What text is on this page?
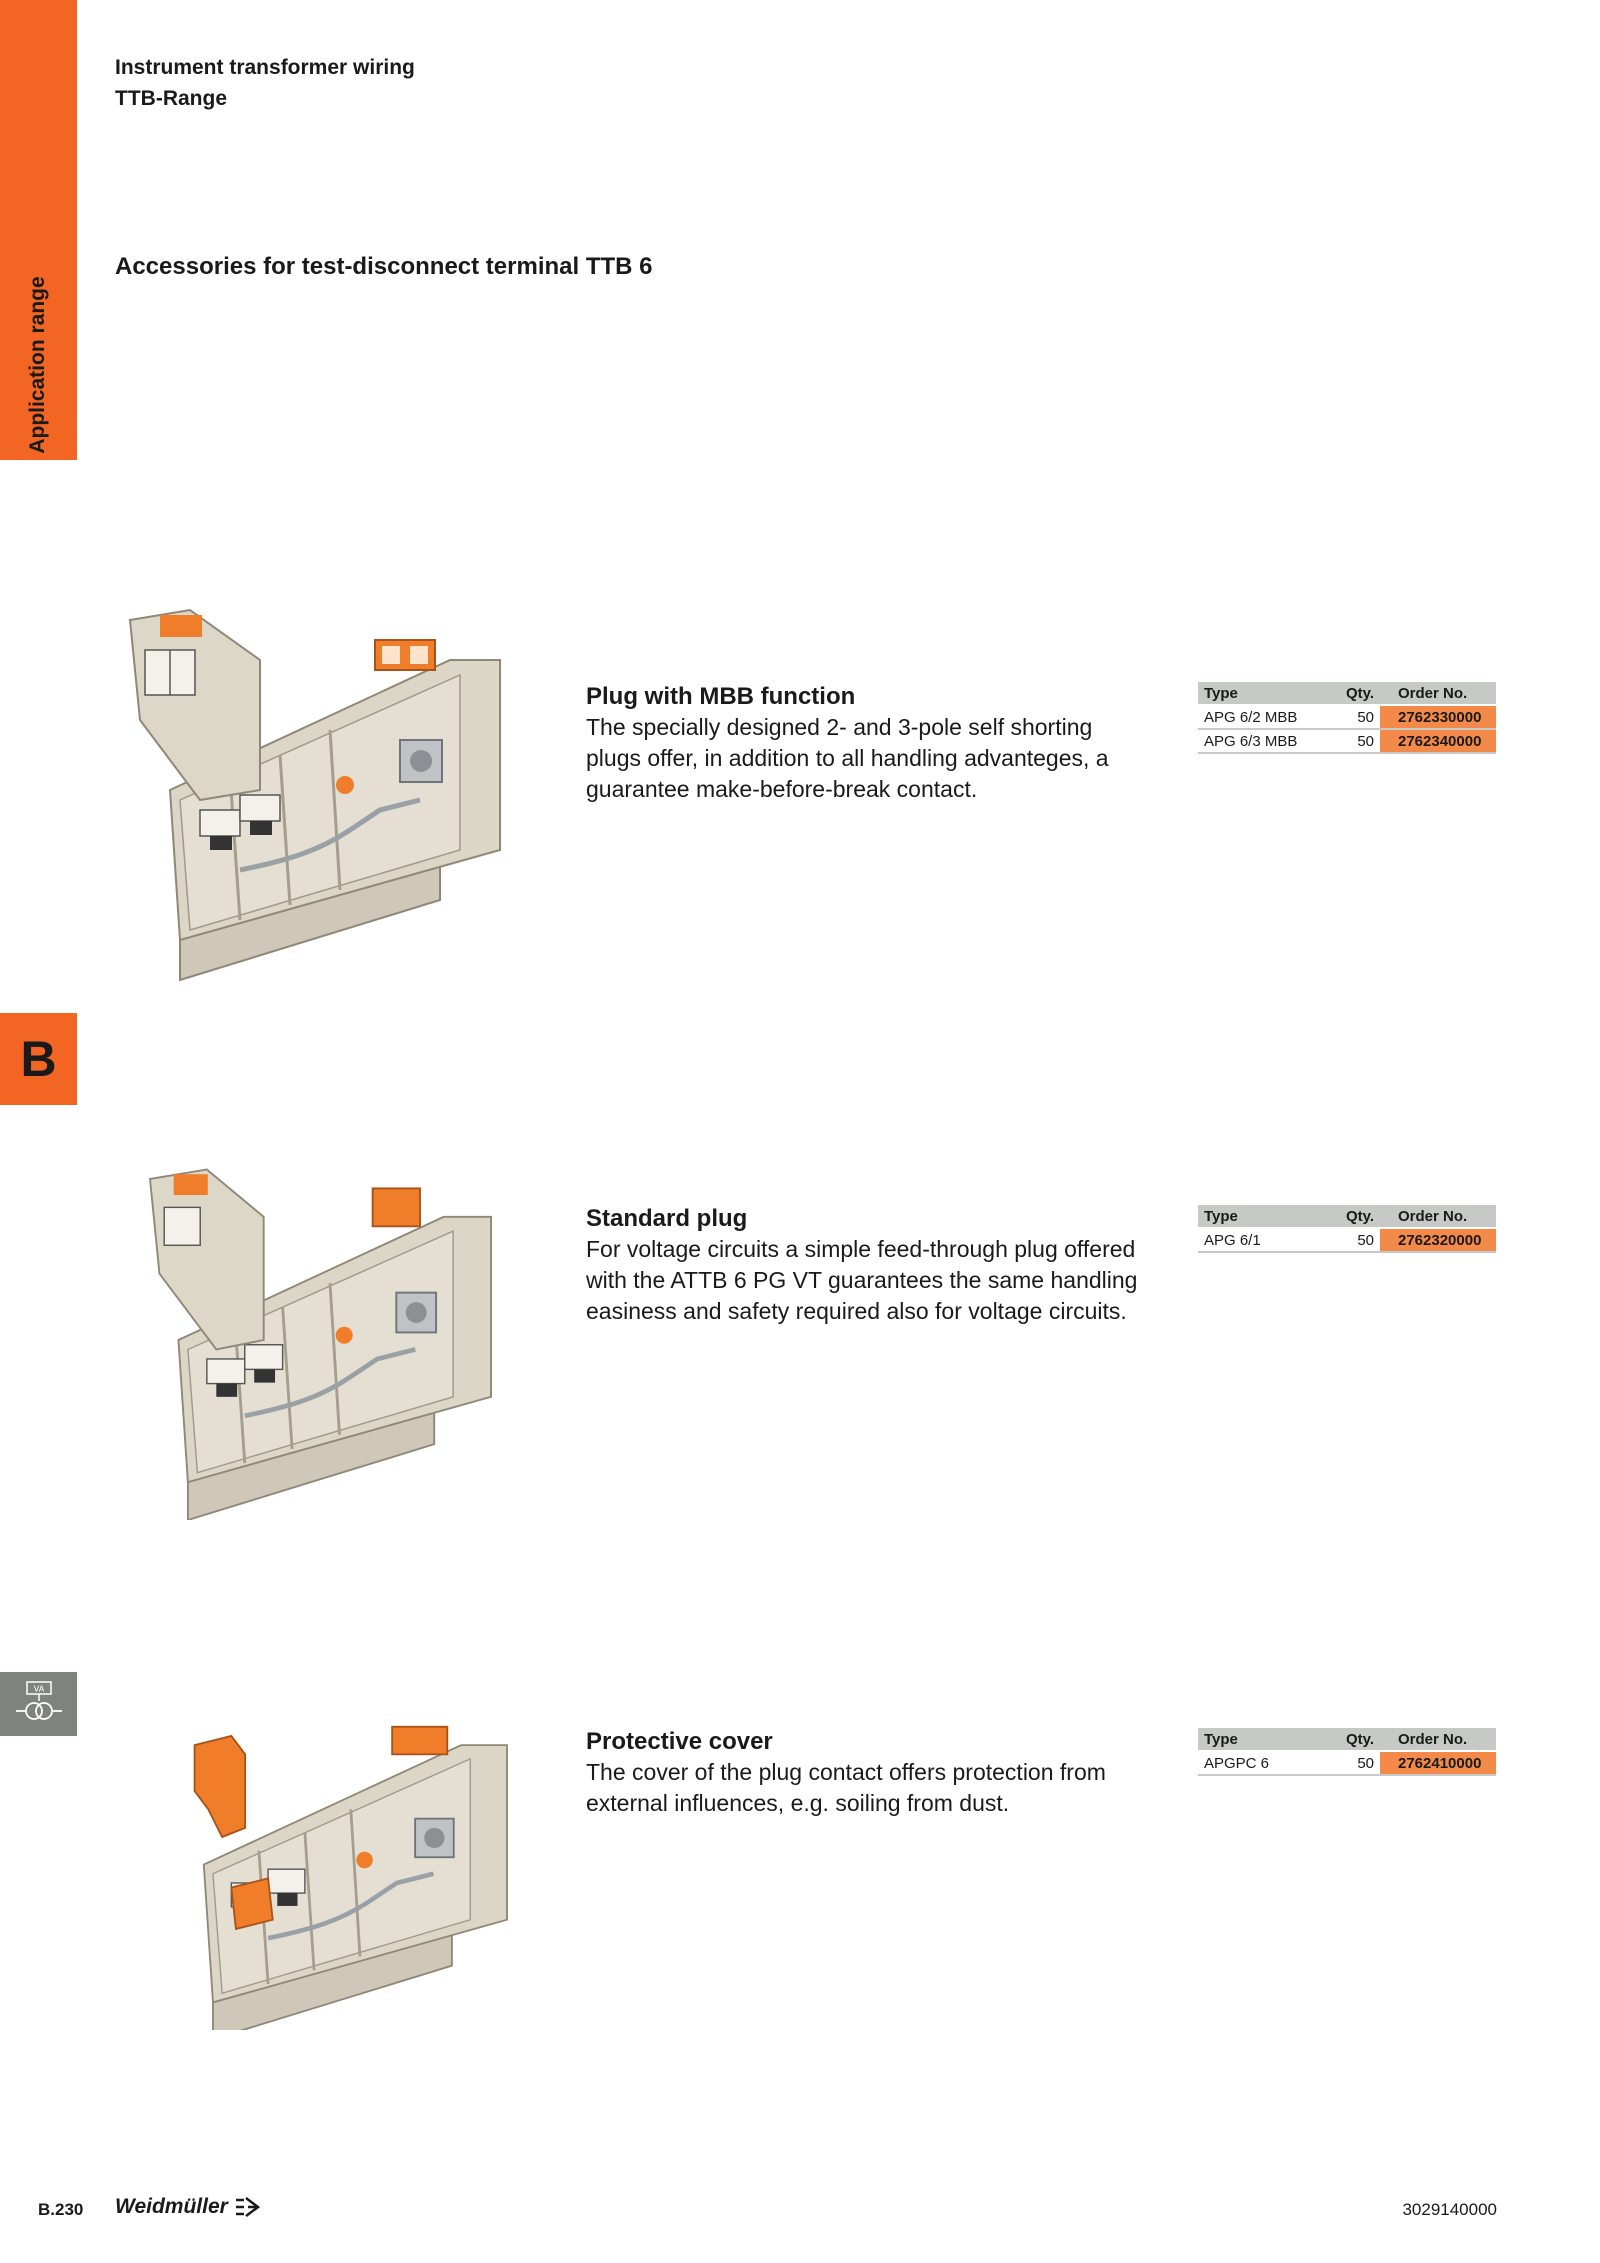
Application range
B
VA
Instrument transformer wiring
TTB-Range
Accessories for test-disconnect terminal TTB 6
Plug with MBB function
The specially designed 2- and 3-pole self shorting plugs offer, in addition to all handling advanteges, a guarantee make-before-break contact.
Type	Qty.	Order No.
APG 6/2 MBB	50	2762330000
APG 6/3 MBB	50	2762340000
Standard plug
For voltage circuits a simple feed-through plug offered with the ATTB 6 PG VT guarantees the same handling easiness and safety required also for voltage circuits.
Type	Qty.	Order No.
APG 6/1	50	2762320000
Protective cover
The cover of the plug contact offers protection from external influences, e.g. soiling from dust.
Type	Qty.	Order No.
APGPC 6	50	2762410000
B.230 Weidmüller	3029140000
